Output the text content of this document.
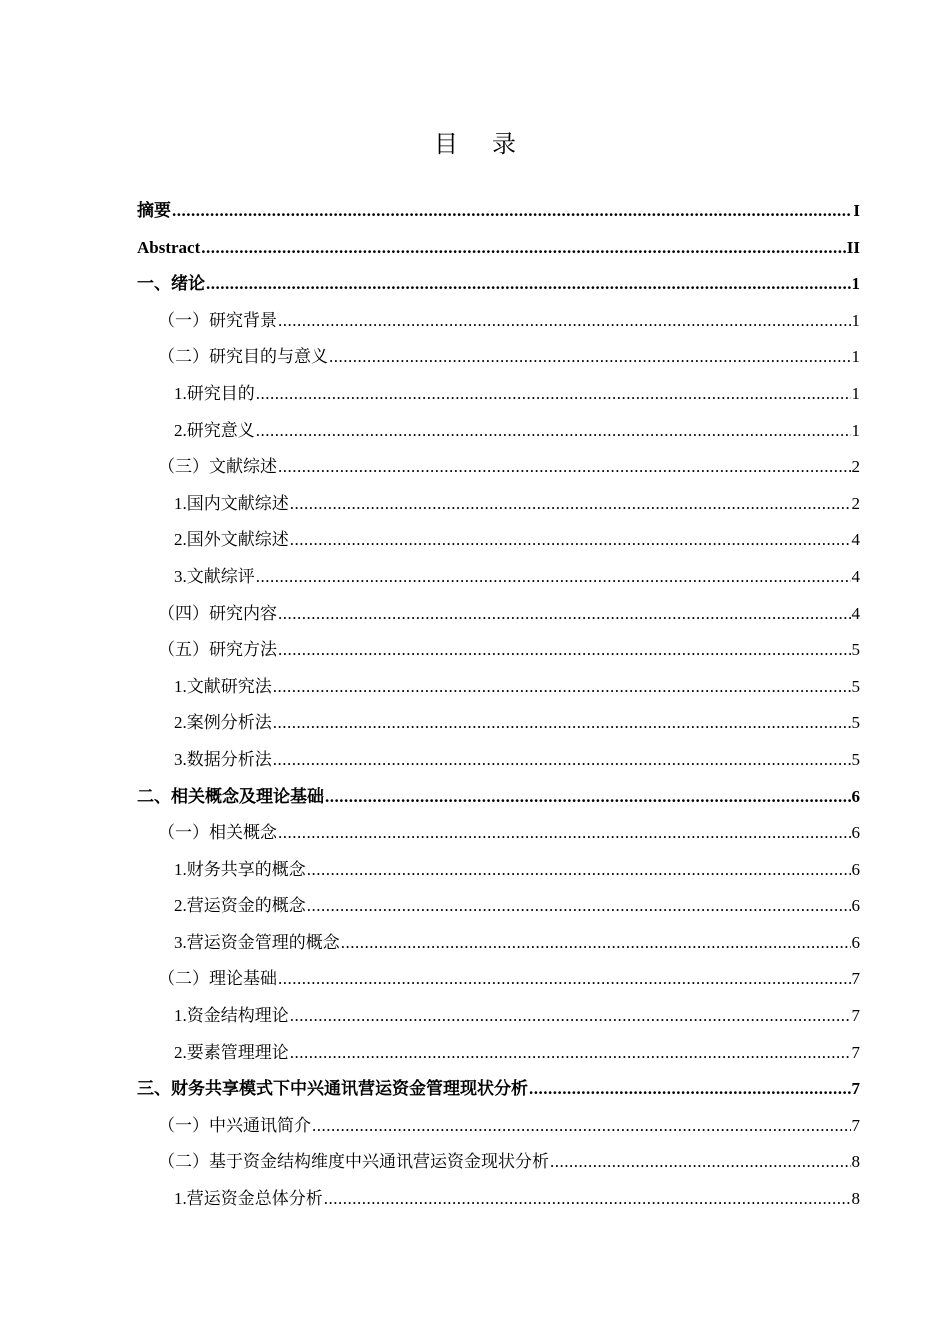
目 录
摘要 .....	I
Abstract .....	II
一、绪论 .....	1
（一）研究背景 .....	1
（二）研究目的与意义 .....	1
1.研究目的 .....	1
2.研究意义 .....	1
（三）文献综述 .....	2
1.国内文献综述 .....	2
2.国外文献综述 .....	4
3.文献综评 .....	4
（四）研究内容 .....	4
（五）研究方法 .....	5
1.文献研究法 .....	5
2.案例分析法 .....	5
3.数据分析法 .....	5
二、相关概念及理论基础 .....	6
（一）相关概念 .....	6
1.财务共享的概念 .....	6
2.营运资金的概念 .....	6
3.营运资金管理的概念 .....	6
（二）理论基础 .....	7
1.资金结构理论 .....	7
2.要素管理理论 .....	7
三、财务共享模式下中兴通讯营运资金管理现状分析 .....	7
（一）中兴通讯简介 .....	7
（二）基于资金结构维度中兴通讯营运资金现状分析 .....	8
1.营运资金总体分析 .....	8
